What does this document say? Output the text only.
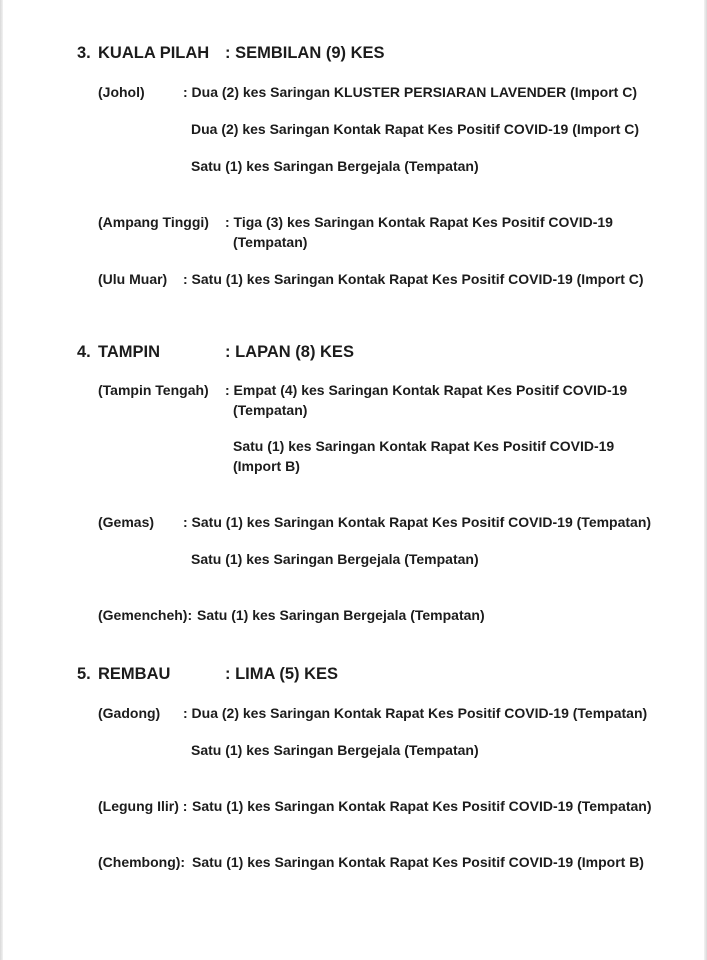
3. KUALA PILAH : SEMBILAN (9) KES
(Johol)	: Dua (2) kes Saringan KLUSTER PERSIARAN LAVENDER (Import C)
Dua (2) kes Saringan Kontak Rapat Kes Positif COVID-19 (Import C)
Satu (1) kes Saringan Bergejala (Tempatan)
(Ampang Tinggi) : Tiga (3) kes Saringan Kontak Rapat Kes Positif COVID-19
(Tempatan)
(Ulu Muar) : Satu (1) kes Saringan Kontak Rapat Kes Positif COVID-19 (Import C)
4. TAMPIN	: LAPAN (8) KES
(Tampin Tengah) : Empat (4) kes Saringan Kontak Rapat Kes Positif COVID-19
(Tempatan)
Satu (1) kes Saringan Kontak Rapat Kes Positif COVID-19
(Import B)
(Gemas) : Satu (1) kes Saringan Kontak Rapat Kes Positif COVID-19 (Tempatan)
Satu (1) kes Saringan Bergejala (Tempatan)
(Gemencheh): Satu (1) kes Saringan Bergejala (Tempatan)
5. REMBAU	: LIMA (5) KES
(Gadong) : Dua (2) kes Saringan Kontak Rapat Kes Positif COVID-19 (Tempatan)
Satu (1) kes Saringan Bergejala (Tempatan)
(Legung Ilir) : Satu (1) kes Saringan Kontak Rapat Kes Positif COVID-19 (Tempatan)
(Chembong): Satu (1) kes Saringan Kontak Rapat Kes Positif COVID-19 (Import B)
